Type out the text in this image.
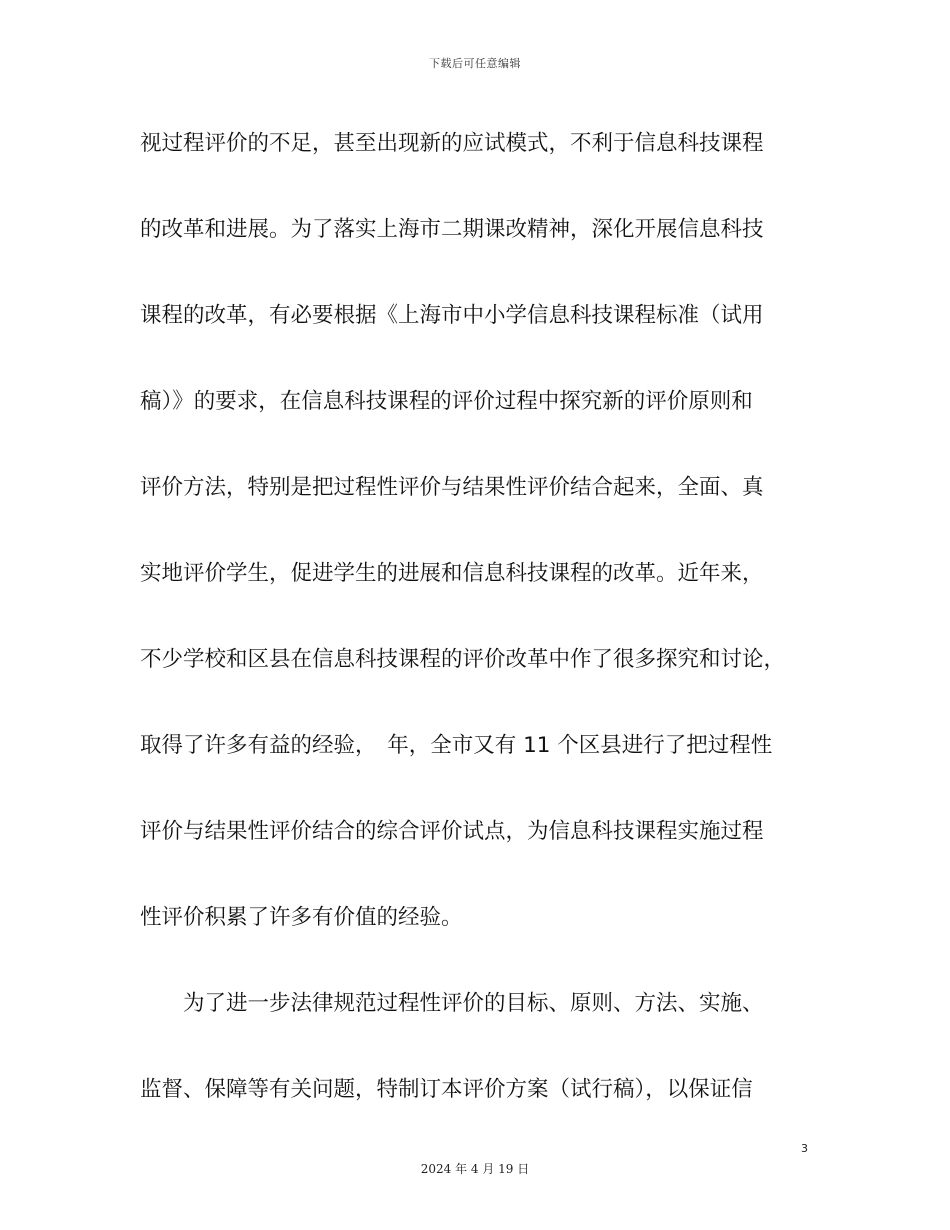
下载后可任意编辑
视过程评价的不足，甚至出现新的应试模式，不利于信息科技课程
的改革和进展。为了落实上海市二期课改精神，深化开展信息科技
课程的改革，有必要根据《上海市中小学信息科技课程标准（试用
稿）》的要求，在信息科技课程的评价过程中探究新的评价原则和
评价方法，特别是把过程性评价与结果性评价结合起来，全面、真
实地评价学生，促进学生的进展和信息科技课程的改革。近年来，
不少学校和区县在信息科技课程的评价改革中作了很多探究和讨论，
取得了许多有益的经验，　年，全市又有 11 个区县进行了把过程性
评价与结果性评价结合的综合评价试点，为信息科技课程实施过程
性评价积累了许多有价值的经验。
　　为了进一步法律规范过程性评价的目标、原则、方法、实施、
监督、保障等有关问题，特制订本评价方案（试行稿），以保证信
3
2024 年 4 月 19 日
